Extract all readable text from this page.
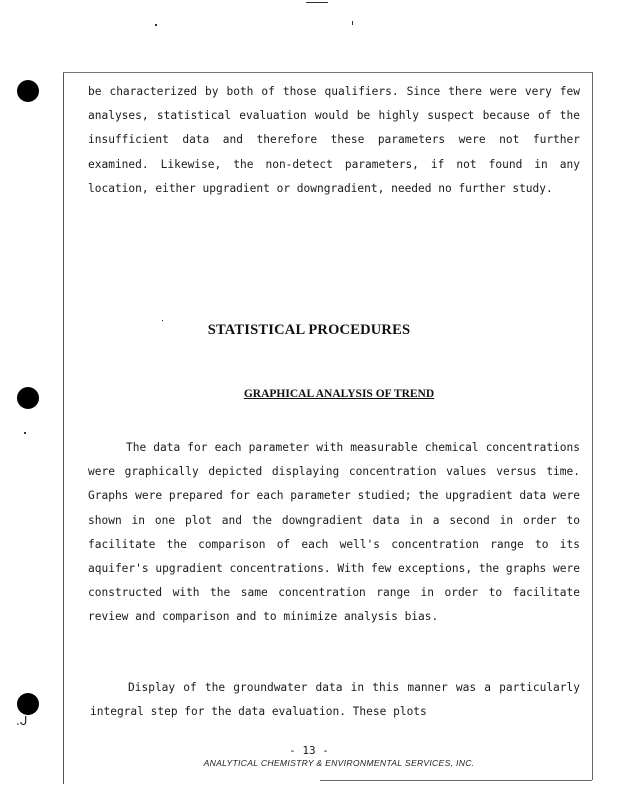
be characterized by both of those qualifiers. Since there were very few analyses, statistical evaluation would be highly suspect because of the insufficient data and therefore these parameters were not further examined. Likewise, the non-detect parameters, if not found in any location, either upgradient or downgradient, needed no further study.

STATISTICAL PROCEDURES
GRAPHICAL ANALYSIS OF TREND

The data for each parameter with measurable chemical concentrations were graphically depicted displaying concentration values versus time. Graphs were prepared for each parameter studied; the upgradient data were shown in one plot and the downgradient data in a second in order to facilitate the comparison of each well's concentration range to its aquifer's upgradient concentrations. With few exceptions, the graphs were constructed with the same concentration range in order to facilitate review and comparison and to minimize analysis bias.

Display of the groundwater data in this manner was a particularly integral step for the data evaluation. These plots

.ᒍ
- 13 -
ANALYTICAL CHEMISTRY & ENVIRONMENTAL SERVICES, INC.
